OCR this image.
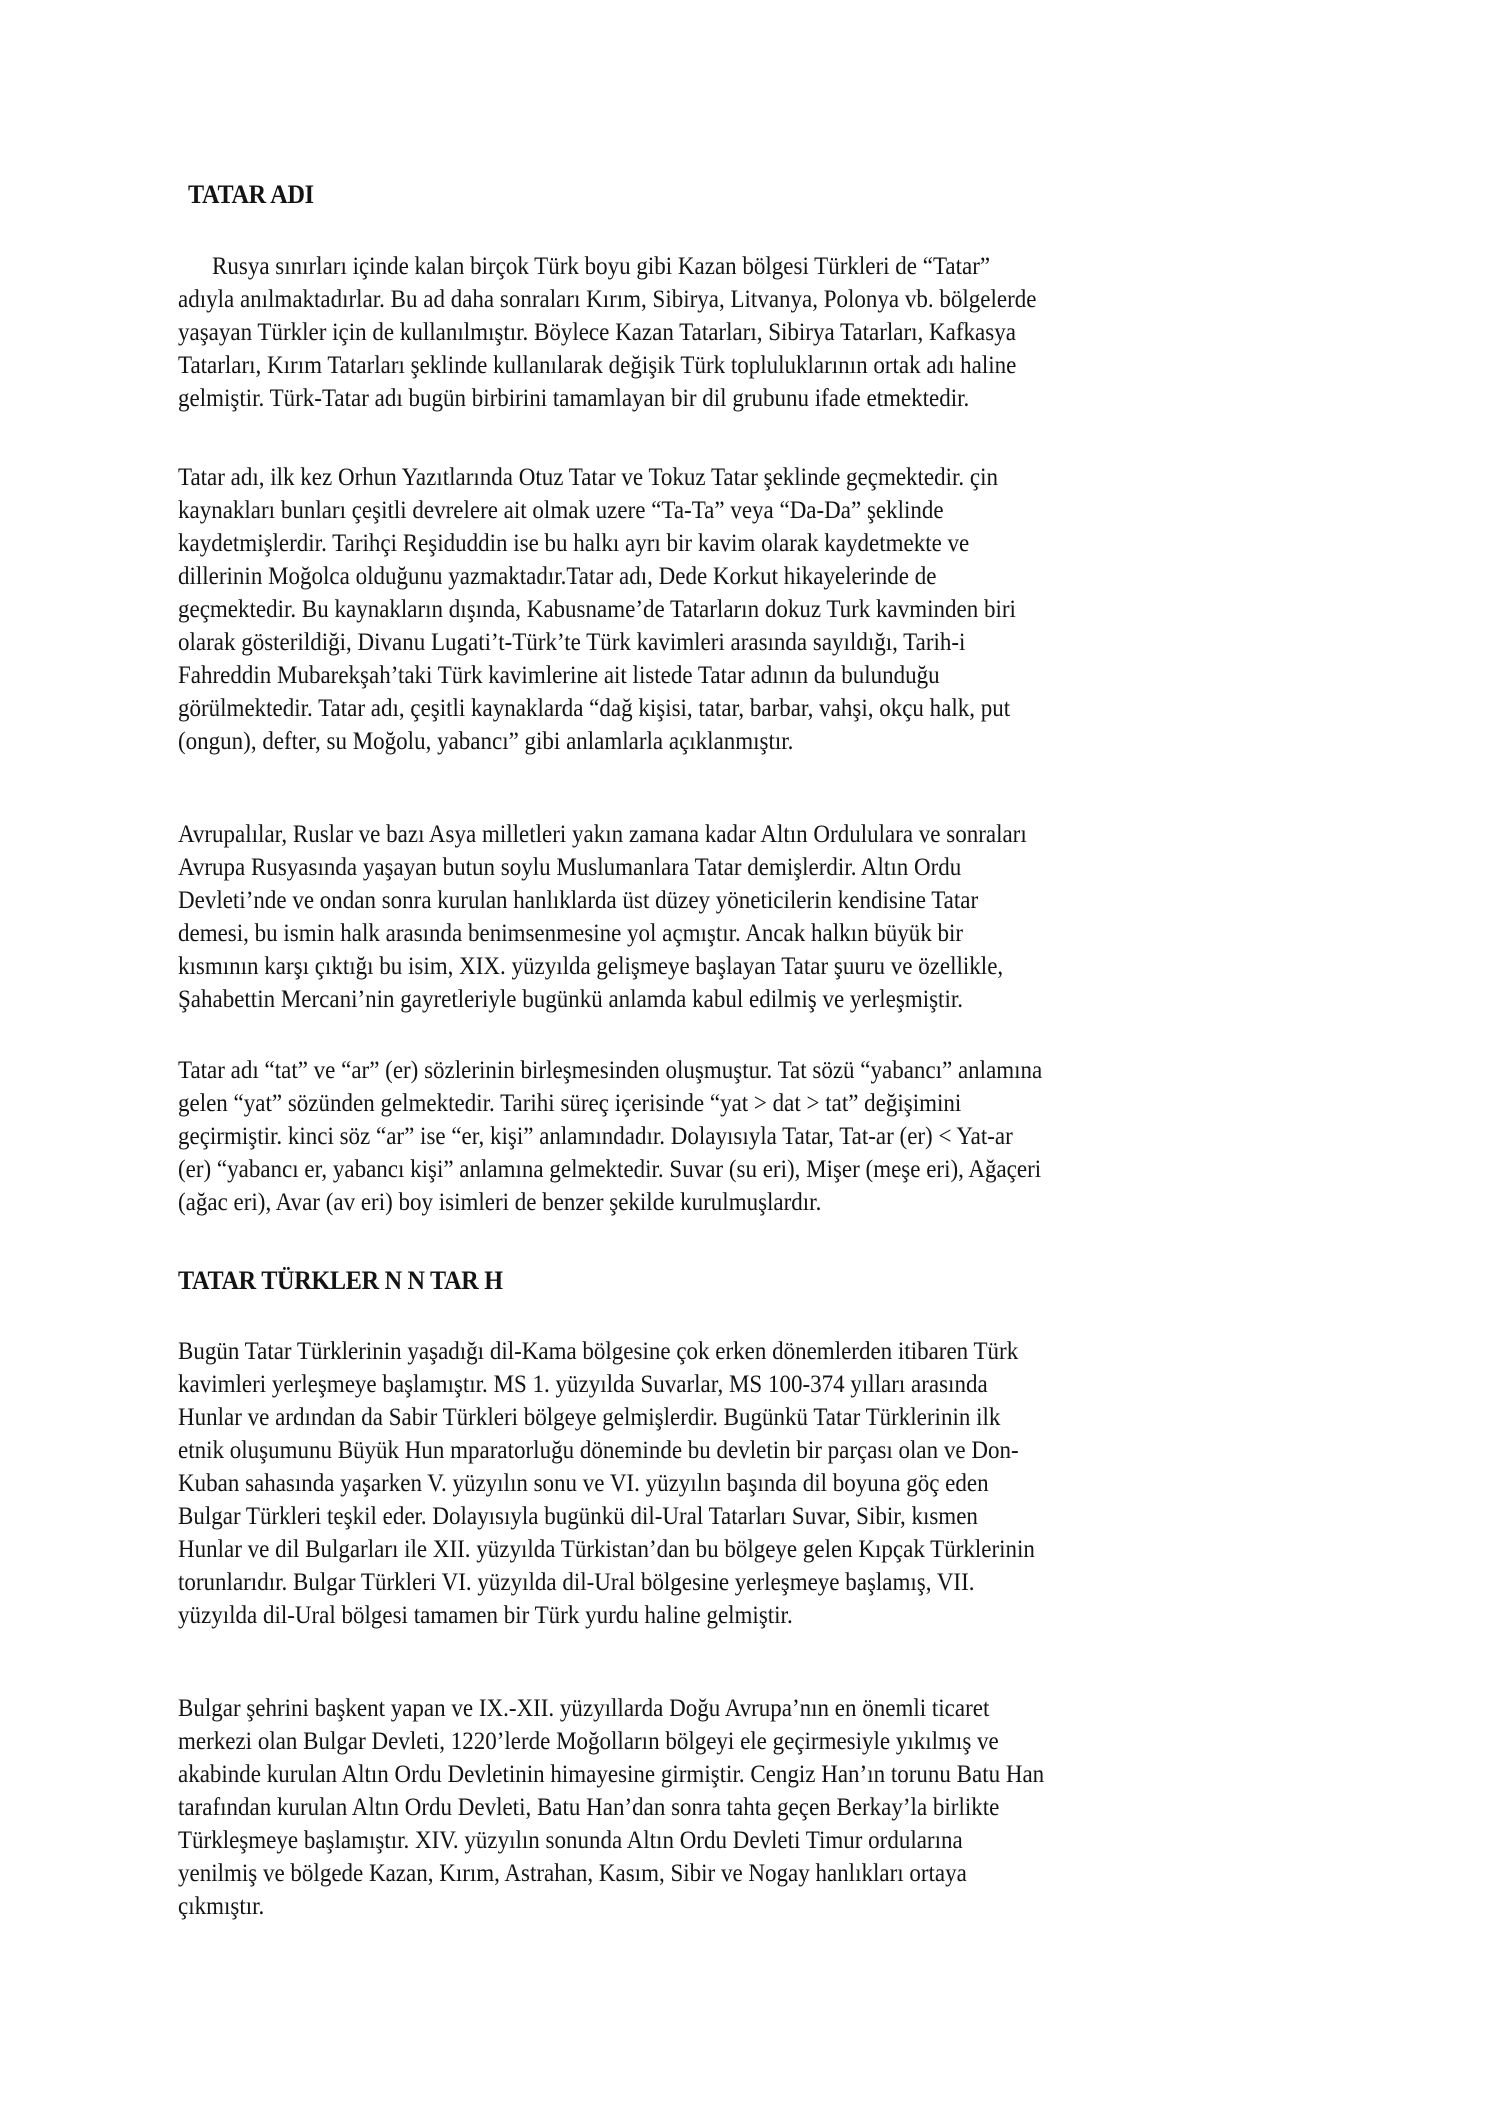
TATAR ADI
Rusya sınırları içinde kalan birçok Türk boyu gibi Kazan bölgesi Türkleri de “Tatar”
adıyla anılmaktadırlar. Bu ad daha sonraları Kırım, Sibirya, Litvanya, Polonya vb. bölgelerde
yaşayan Türkler için de kullanılmıştır. Böylece Kazan Tatarları, Sibirya Tatarları, Kafkasya
Tatarları, Kırım Tatarları şeklinde kullanılarak değişik Türk topluluklarının ortak adı haline
gelmiştir. Türk-Tatar adı bugün birbirini tamamlayan bir dil grubunu ifade etmektedir.
Tatar adı, ilk kez Orhun Yazıtlarında Otuz Tatar ve Tokuz Tatar şeklinde geçmektedir. çin
kaynakları bunları çeşitli devrelere ait olmak uzere “Ta-Ta” veya “Da-Da” şeklinde
kaydetmişlerdir. Tarihçi Reşiduddin ise bu halkı ayrı bir kavim olarak kaydetmekte ve
dillerinin Moğolca olduğunu yazmaktadır.Tatar adı, Dede Korkut hikayelerinde de
geçmektedir. Bu kaynakların dışında, Kabusname’de Tatarların dokuz Turk kavminden biri
olarak gösterildiği, Divanu Lugati’t-Türk’te Türk kavimleri arasında sayıldığı, Tarih-i
Fahreddin Mubarekşah’taki Türk kavimlerine ait listede Tatar adının da bulunduğu
görülmektedir. Tatar adı, çeşitli kaynaklarda “dağ kişisi, tatar, barbar, vahşi, okçu halk, put
(ongun), defter, su Moğolu, yabancı” gibi anlamlarla açıklanmıştır.
Avrupalılar, Ruslar ve bazı Asya milletleri yakın zamana kadar Altın Ordululara ve sonraları
Avrupa Rusyasında yaşayan butun soylu Muslumanlara Tatar demişlerdir. Altın Ordu
Devleti’nde ve ondan sonra kurulan hanlıklarda üst düzey yöneticilerin kendisine Tatar
demesi, bu ismin halk arasında benimsenmesine yol açmıştır. Ancak halkın büyük bir
kısmının karşı çıktığı bu isim, XIX. yüzyılda gelişmeye başlayan Tatar şuuru ve özellikle,
Şahabettin Mercani’nin gayretleriyle bugünkü anlamda kabul edilmiş ve yerleşmiştir.
Tatar adı “tat” ve “ar” (er) sözlerinin birleşmesinden oluşmuştur. Tat sözü “yabancı” anlamına
gelen “yat” sözünden gelmektedir. Tarihi süreç içerisinde “yat > dat > tat” değişimini
geçirmiştir. kinci söz “ar” ise “er, kişi” anlamındadır. Dolayısıyla Tatar, Tat-ar (er) < Yat-ar
(er) “yabancı er, yabancı kişi” anlamına gelmektedir. Suvar (su eri), Mişer (meşe eri), Ağaçeri
(ağac eri), Avar (av eri) boy isimleri de benzer şekilde kurulmuşlardır.
TATAR TÜRKLER N N TAR H
Bugün Tatar Türklerinin yaşadığı dil-Kama bölgesine çok erken dönemlerden itibaren Türk
kavimleri yerleşmeye başlamıştır. MS 1. yüzyılda Suvarlar, MS 100-374 yılları arasında
Hunlar ve ardından da Sabir Türkleri bölgeye gelmişlerdir. Bugünkü Tatar Türklerinin ilk
etnik oluşumunu Büyük Hun mparatorluğu döneminde bu devletin bir parçası olan ve Don-
Kuban sahasında yaşarken V. yüzyılın sonu ve VI. yüzyılın başında dil boyuna göç eden
Bulgar Türkleri teşkil eder. Dolayısıyla bugünkü dil-Ural Tatarları Suvar, Sibir, kısmen
Hunlar ve dil Bulgarları ile XII. yüzyılda Türkistan’dan bu bölgeye gelen Kıpçak Türklerinin
torunlarıdır. Bulgar Türkleri VI. yüzyılda dil-Ural bölgesine yerleşmeye başlamış, VII.
yüzyılda dil-Ural bölgesi tamamen bir Türk yurdu haline gelmiştir.
Bulgar şehrini başkent yapan ve IX.-XII. yüzyıllarda Doğu Avrupa’nın en önemli ticaret
merkezi olan Bulgar Devleti, 1220’lerde Moğolların bölgeyi ele geçirmesiyle yıkılmış ve
akabinde kurulan Altın Ordu Devletinin himayesine girmiştir. Cengiz Han’ın torunu Batu Han
tarafından kurulan Altın Ordu Devleti, Batu Han’dan sonra tahta geçen Berkay’la birlikte
Türkleşmeye başlamıştır. XIV. yüzyılın sonunda Altın Ordu Devleti Timur ordularına
yenilmiş ve bölgede Kazan, Kırım, Astrahan, Kasım, Sibir ve Nogay hanlıkları ortaya
çıkmıştır.
